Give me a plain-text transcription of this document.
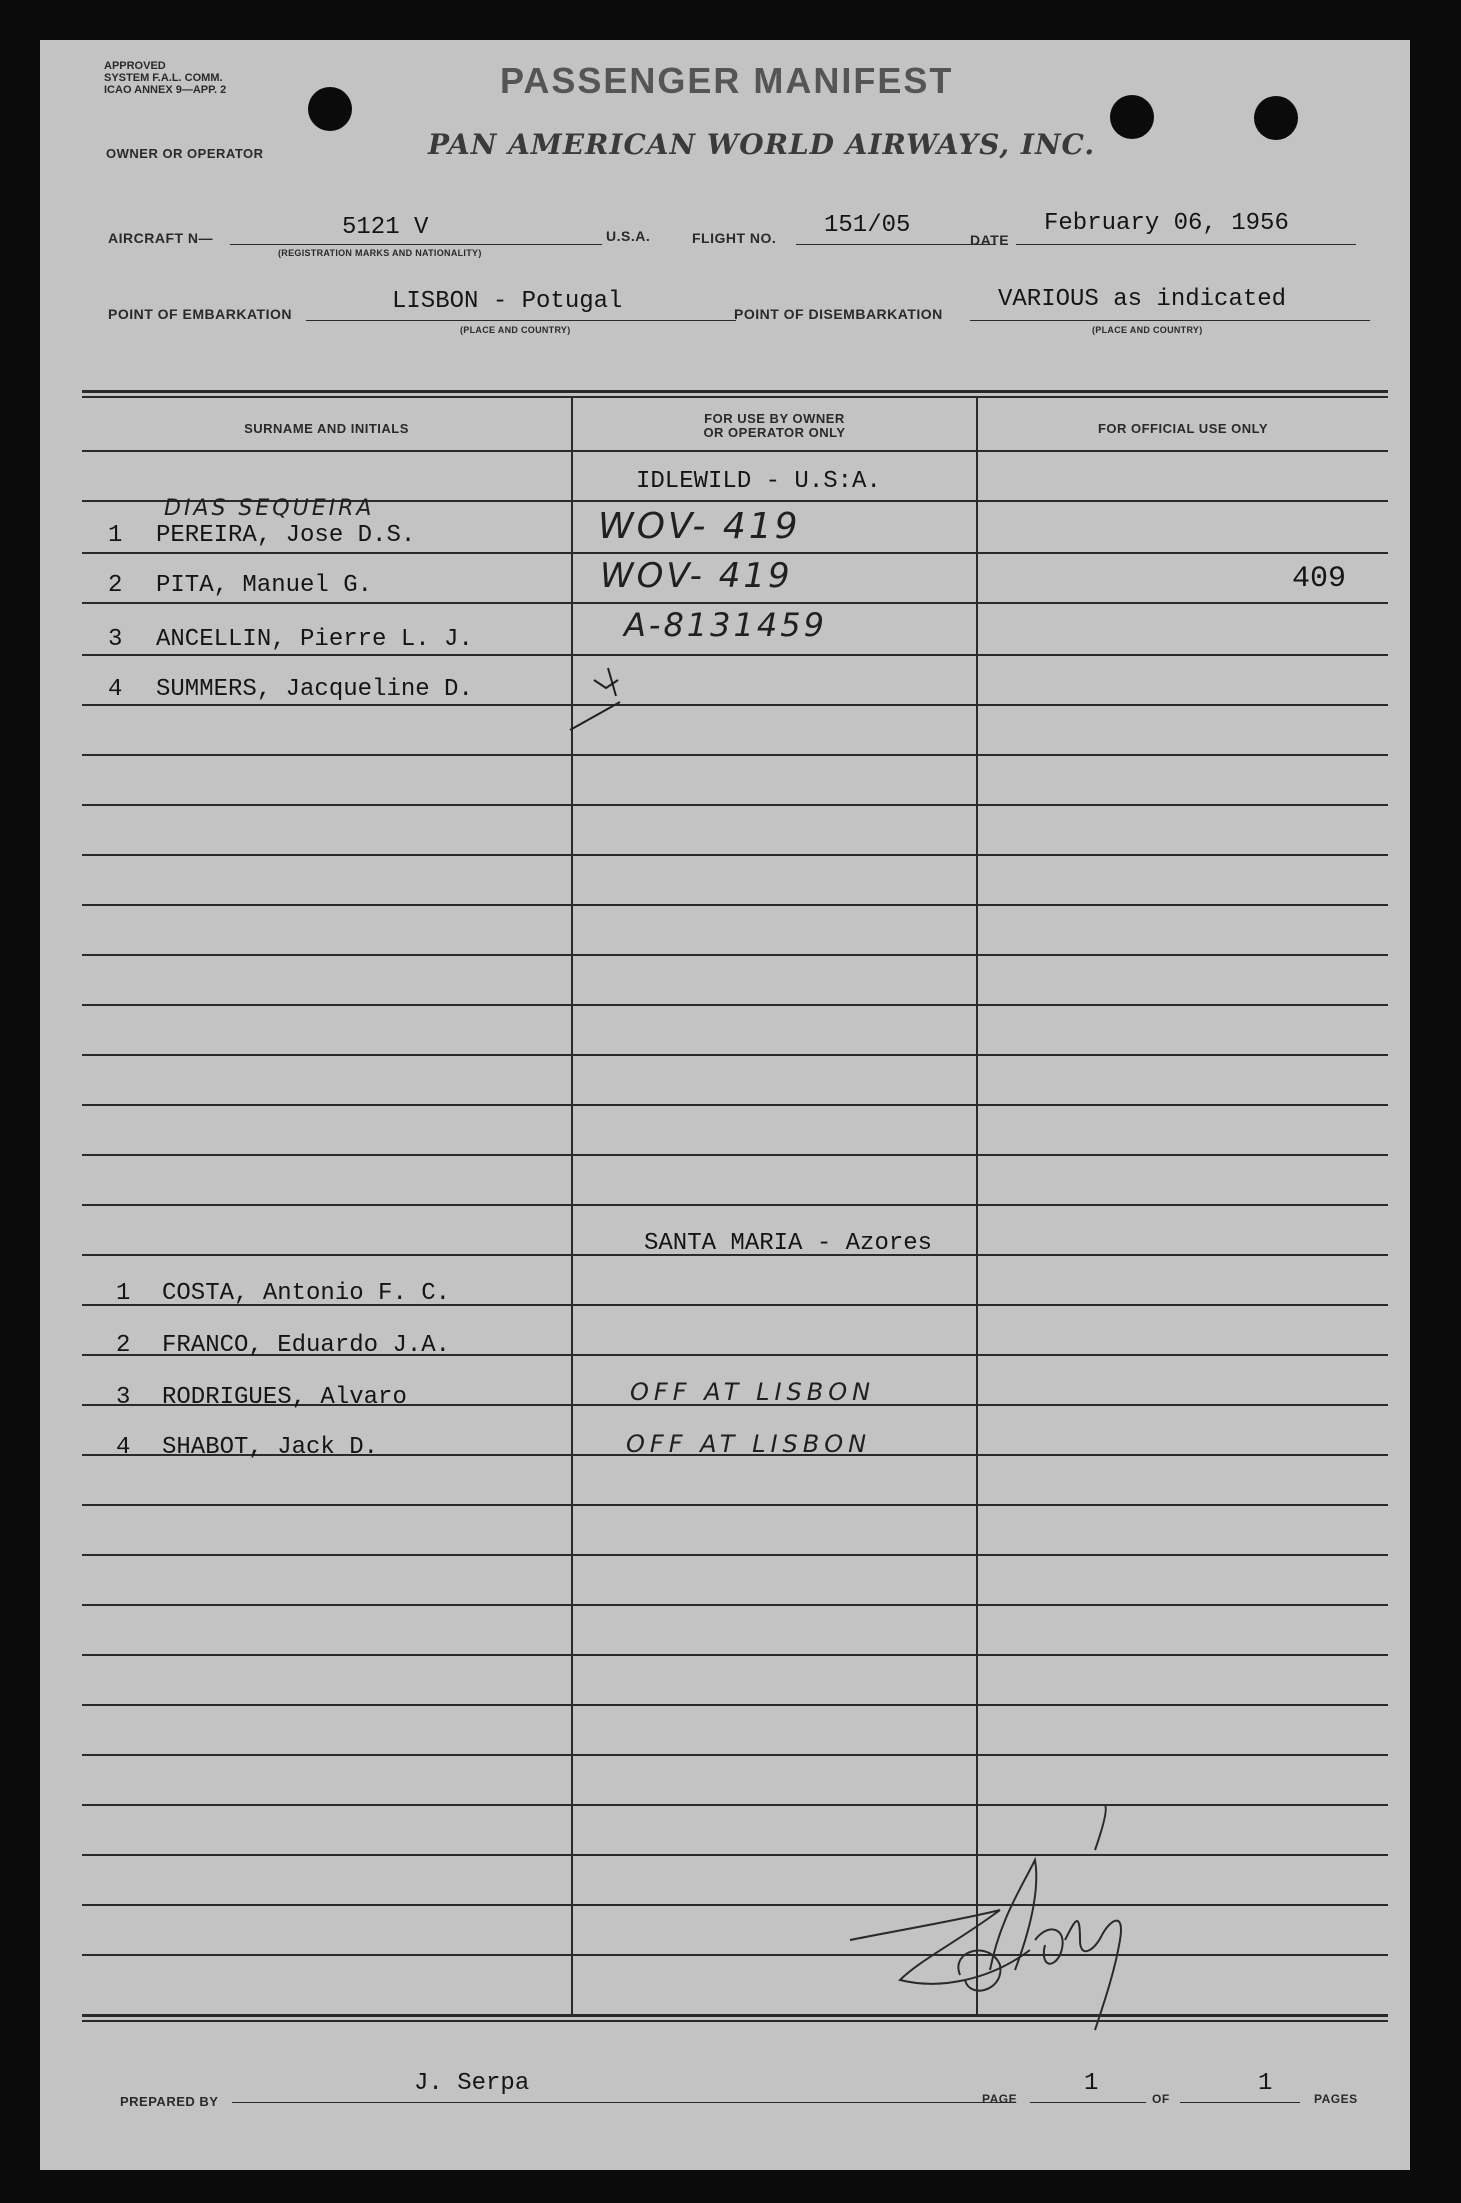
APPROVED
SYSTEM F.A.L. COMM.
ICAO ANNEX 9—APP. 2	PASSENGER MANIFEST
OWNER OR OPERATOR	PAN AMERICAN WORLD AIRWAYS, INC.
AIRCRAFT N—	5121 V
(REGISTRATION MARKS AND NATIONALITY)
U.S.A.	FLIGHT NO. 151/05
DATE
February 06, 1956
POINT OF EMBARKATION	LISBON - Potugal
(PLACE AND COUNTRY)
POINT OF DISEMBARKATION
VARIOUS as indicated
(PLACE AND COUNTRY)
SURNAME AND INITIALS
FOR USE BY OWNER
OR OPERATOR ONLY	FOR OFFICIAL USE ONLY
IDLEWILD - U.S:A.
DIAS SEQUEIRA
1 PEREIRA, Jose D.S.	WOV- 419
2 PITA, Manuel G.	WOV- 419	409
3 ANCELLIN, Pierre L. J.	A-8131459
4 SUMMERS, Jacqueline D.
SANTA MARIA - Azores
1 COSTA, Antonio F. C.
2 FRANCO, Eduardo J.A.
3 RODRIGUES, Alvaro	OFF AT LISBON
4 SHABOT, Jack D.	OFF AT LISBON
PREPARED BY
J. Serpa
PAGE
1
OF
1
PAGES
